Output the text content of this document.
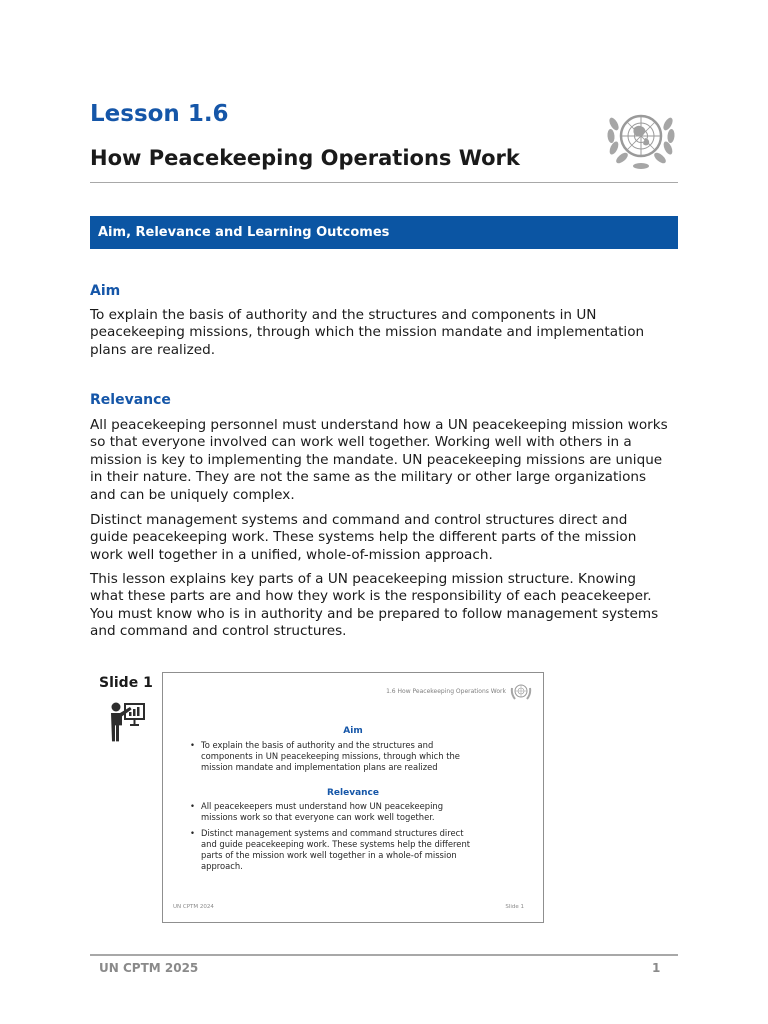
Lesson 1.6
How Peacekeeping Operations Work
Aim, Relevance and Learning Outcomes
Aim

To explain the basis of authority and the structures and components in UN
peacekeeping missions, through which the mission mandate and implementation
plans are realized.

Relevance

All peacekeeping personnel must understand how a UN peacekeeping mission works
so that everyone involved can work well together. Working well with others in a
mission is key to implementing the mandate. UN peacekeeping missions are unique
in their nature. They are not the same as the military or other large organizations
and can be uniquely complex.

Distinct management systems and command and control structures direct and
guide peacekeeping work. These systems help the different parts of the mission
work well together in a unified, whole-of-mission approach.

This lesson explains key parts of a UN peacekeeping mission structure. Knowing
what these parts are and how they work is the responsibility of each peacekeeper.
You must know who is in authority and be prepared to follow management systems
and command and control structures.

Slide 1
1.6 How Peacekeeping Operations Work
Aim

• To explain the basis of authority and the structures and
components in UN peacekeeping missions, through which the
mission mandate and implementation plans are realized

Relevance

• All peacekeepers must understand how UN peacekeeping
missions work so that everyone can work well together.

• Distinct management systems and command structures direct
and guide peacekeeping work. These systems help the different
parts of the mission work well together in a whole-of mission
approach.

UN CPTM 2024	Slide 1
UN CPTM 2025	1
